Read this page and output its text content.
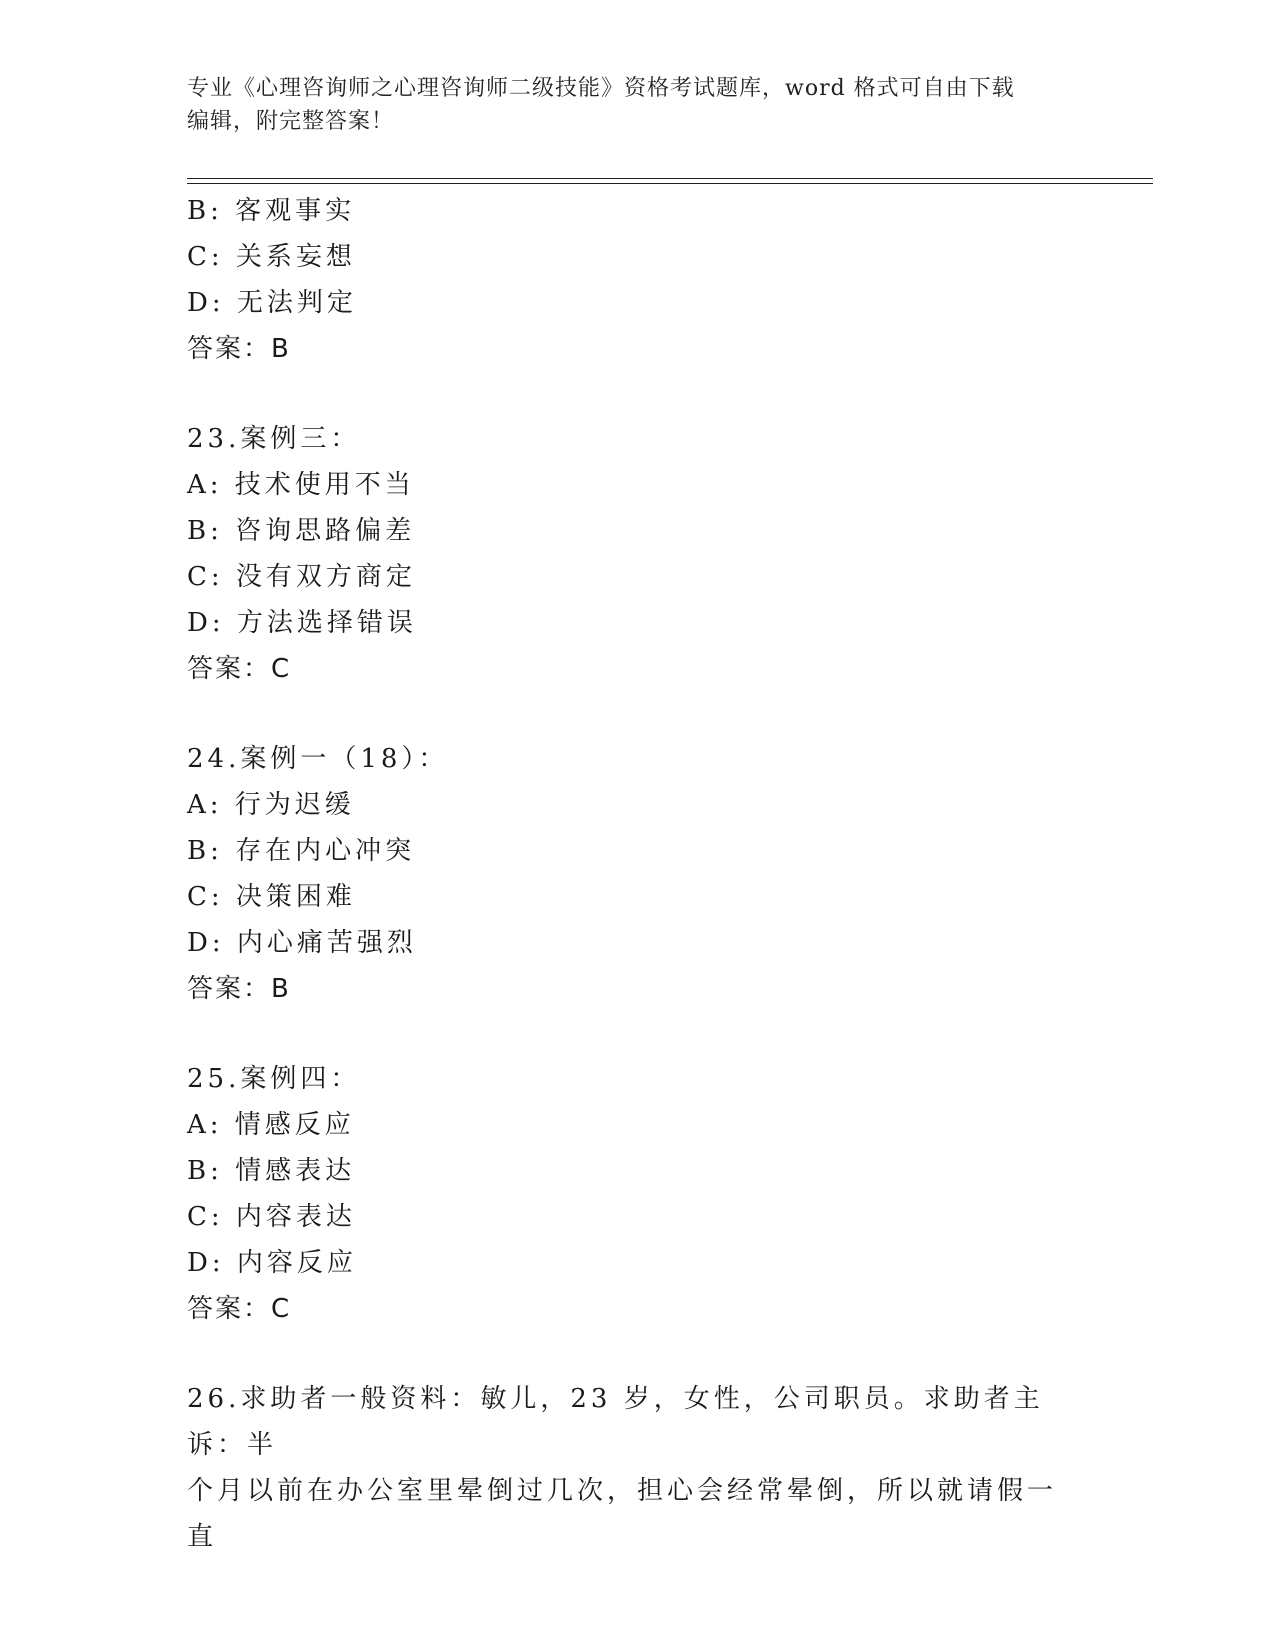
专业《心理咨询师之心理咨询师二级技能》资格考试题库，word 格式可自由下载
编辑，附完整答案！
B: 客观事实
C: 关系妄想
D: 无法判定
答案：B
23.案例三：
A: 技术使用不当
B: 咨询思路偏差
C: 没有双方商定
D: 方法选择错误
答案：C
24.案例一（18）：
A: 行为迟缓
B: 存在内心冲突
C: 决策困难
D: 内心痛苦强烈
答案：B
25.案例四：
A: 情感反应
B: 情感表达
C: 内容表达
D: 内容反应
答案：C
26.求助者一般资料：敏儿，23 岁，女性，公司职员。求助者主诉：半
个月以前在办公室里晕倒过几次，担心会经常晕倒，所以就请假一直
